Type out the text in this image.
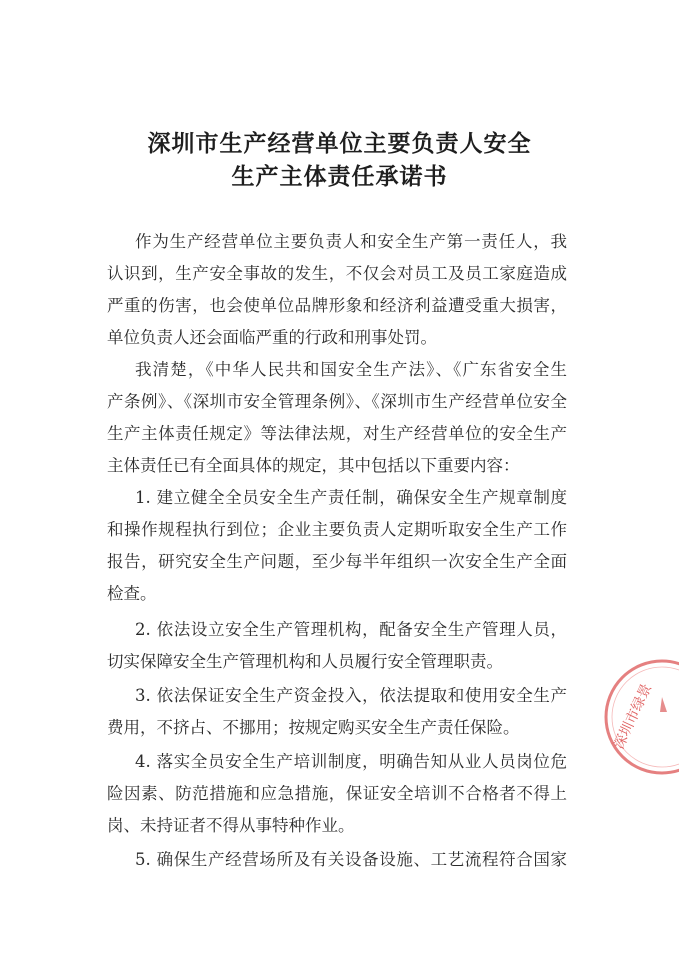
深圳市生产经营单位主要负责人安全
生产主体责任承诺书
作为生产经营单位主要负责人和安全生产第一责任人，我
认识到，生产安全事故的发生，不仅会对员工及员工家庭造成
严重的伤害，也会使单位品牌形象和经济利益遭受重大损害，
单位负责人还会面临严重的行政和刑事处罚。
我清楚，《中华人民共和国安全生产法》、《广东省安全生
产条例》、《深圳市安全管理条例》、《深圳市生产经营单位安全
生产主体责任规定》等法律法规，对生产经营单位的安全生产
主体责任已有全面具体的规定，其中包括以下重要内容：
1. 建立健全全员安全生产责任制，确保安全生产规章制度
和操作规程执行到位；企业主要负责人定期听取安全生产工作
报告，研究安全生产问题，至少每半年组织一次安全生产全面
检查。
2. 依法设立安全生产管理机构，配备安全生产管理人员，
切实保障安全生产管理机构和人员履行安全管理职责。
3. 依法保证安全生产资金投入，依法提取和使用安全生产
费用，不挤占、不挪用；按规定购买安全生产责任保险。
4. 落实全员安全生产培训制度，明确告知从业人员岗位危
险因素、防范措施和应急措施，保证安全培训不合格者不得上
岗、未持证者不得从事特种作业。
5. 确保生产经营场所及有关设备设施、工艺流程符合国家
深圳市绿景
